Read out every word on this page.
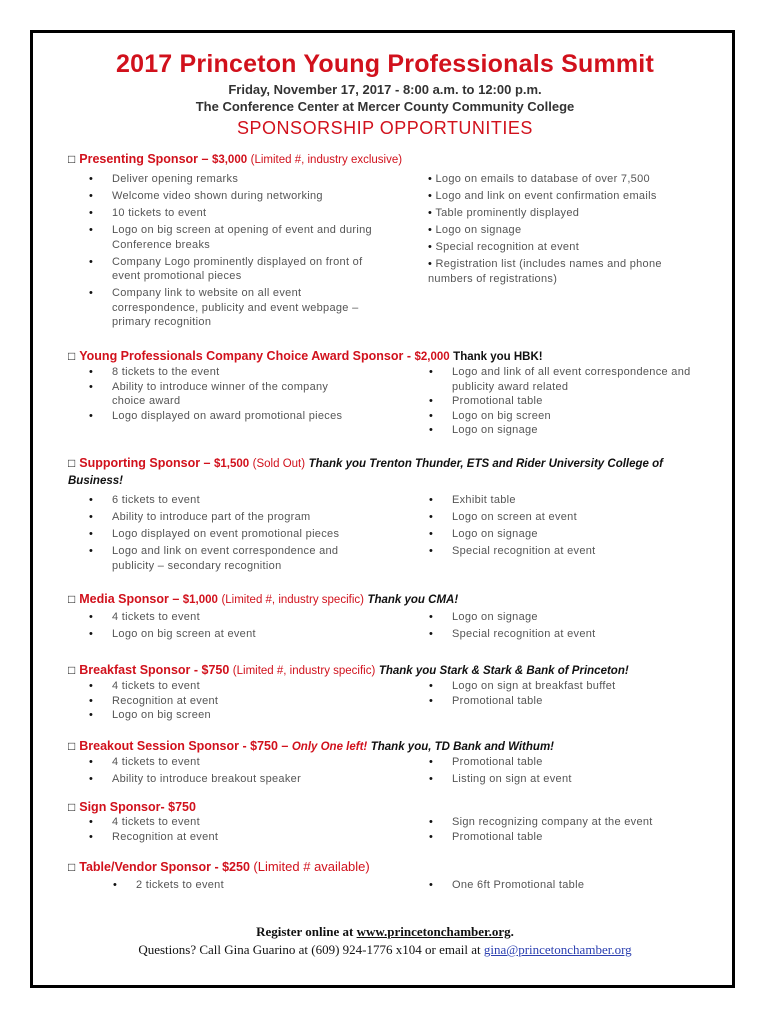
2017 Princeton Young Professionals Summit
Friday, November 17, 2017 - 8:00 a.m. to 12:00 p.m.
The Conference Center at Mercer County Community College
SPONSORSHIP OPPORTUNITIES
□ Presenting Sponsor – $3,000 (Limited #, industry exclusive)
• Deliver opening remarks
• Welcome video shown during networking
• 10 tickets to event
• Logo on big screen at opening of event and during Conference breaks
• Company Logo prominently displayed on front of event promotional pieces
• Company link to website on all event correspondence, publicity and event webpage – primary recognition
• Logo on emails to database of over 7,500
• Logo and link on event confirmation emails
• Table prominently displayed
• Logo on signage
• Special recognition at event
• Registration list (includes names and phone numbers of registrations)
□ Young Professionals Company Choice Award Sponsor - $2,000 Thank you HBK!
• 8 tickets to the event
• Ability to introduce winner of the company choice award
• Logo displayed on award promotional pieces
• Logo and link of all event correspondence and publicity award related
• Promotional table
• Logo on big screen
• Logo on signage
□ Supporting Sponsor – $1,500 (Sold Out) Thank you Trenton Thunder, ETS and Rider University College of Business!
• 6 tickets to event
• Ability to introduce part of the program
• Logo displayed on event promotional pieces
• Logo and link on event correspondence and publicity – secondary recognition
• Exhibit table
• Logo on screen at event
• Logo on signage
• Special recognition at event
□ Media Sponsor – $1,000 (Limited #, industry specific) Thank you CMA!
• 4 tickets to event
• Logo on big screen at event
• Logo on signage
• Special recognition at event
□ Breakfast Sponsor - $750 (Limited #, industry specific) Thank you Stark & Stark & Bank of Princeton!
• 4 tickets to event
• Recognition at event
• Logo on big screen
• Logo on sign at breakfast buffet
• Promotional table
□ Breakout Session Sponsor - $750 – Only One left! Thank you, TD Bank and Withum!
• 4 tickets to event
• Ability to introduce breakout speaker
• Promotional table
• Listing on sign at event
□ Sign Sponsor- $750
• 4 tickets to event
• Recognition at event
• Sign recognizing company at the event
• Promotional table
□ Table/Vendor Sponsor - $250 (Limited # available)
• 2 tickets to event	• One 6ft Promotional table
Register online at www.princetonchamber.org.
Questions? Call Gina Guarino at (609) 924-1776 x104 or email at gina@princetonchamber.org
